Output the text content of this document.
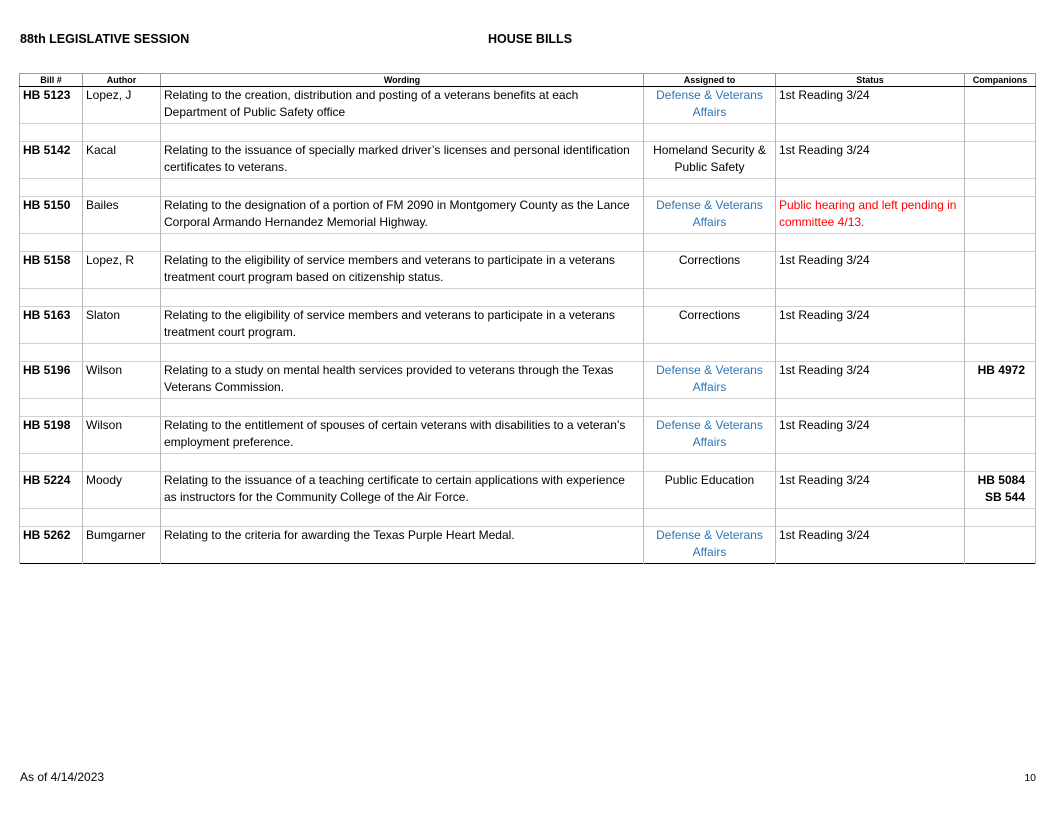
88th LEGISLATIVE SESSION	HOUSE BILLS
Bill #	Author	Wording	Assigned to	Status	Companions
HB 5123	Lopez, J	Relating to the creation, distribution and posting of a veterans benefits at each Department of Public Safety office	Defense & Veterans Affairs	1st Reading 3/24	

HB 5142	Kacal	Relating to the issuance of specially marked driver’s licenses and personal identification certificates to veterans.	Homeland Security & Public Safety	1st Reading 3/24	

HB 5150	Bailes	Relating to the designation of a portion of FM 2090 in Montgomery County as the Lance Corporal Armando Hernandez Memorial Highway.	Defense & Veterans Affairs	Public hearing and left pending in committee 4/13.	

HB 5158	Lopez, R	Relating to the eligibility of service members and veterans to participate in a veterans treatment court program based on citizenship status.	Corrections	1st Reading 3/24	

HB 5163	Slaton	Relating to the eligibility of service members and veterans to participate in a veterans treatment court program.	Corrections	1st Reading 3/24	

HB 5196	Wilson	Relating to a study on mental health services provided to veterans through the Texas Veterans Commission.	Defense & Veterans Affairs	1st Reading 3/24	HB 4972

HB 5198	Wilson	Relating to the entitlement of spouses of certain veterans with disabilities to a veteran’s employment preference.	Defense & Veterans Affairs	1st Reading 3/24	

HB 5224	Moody	Relating to the issuance of a teaching certificate to certain applications with experience as instructors for the Community College of the Air Force.	Public Education	1st Reading 3/24	HB 5084
SB 544

HB 5262	Bumgarner	Relating to the criteria for awarding the Texas Purple Heart Medal.	Defense & Veterans Affairs	1st Reading 3/24	
As of 4/14/2023	10
